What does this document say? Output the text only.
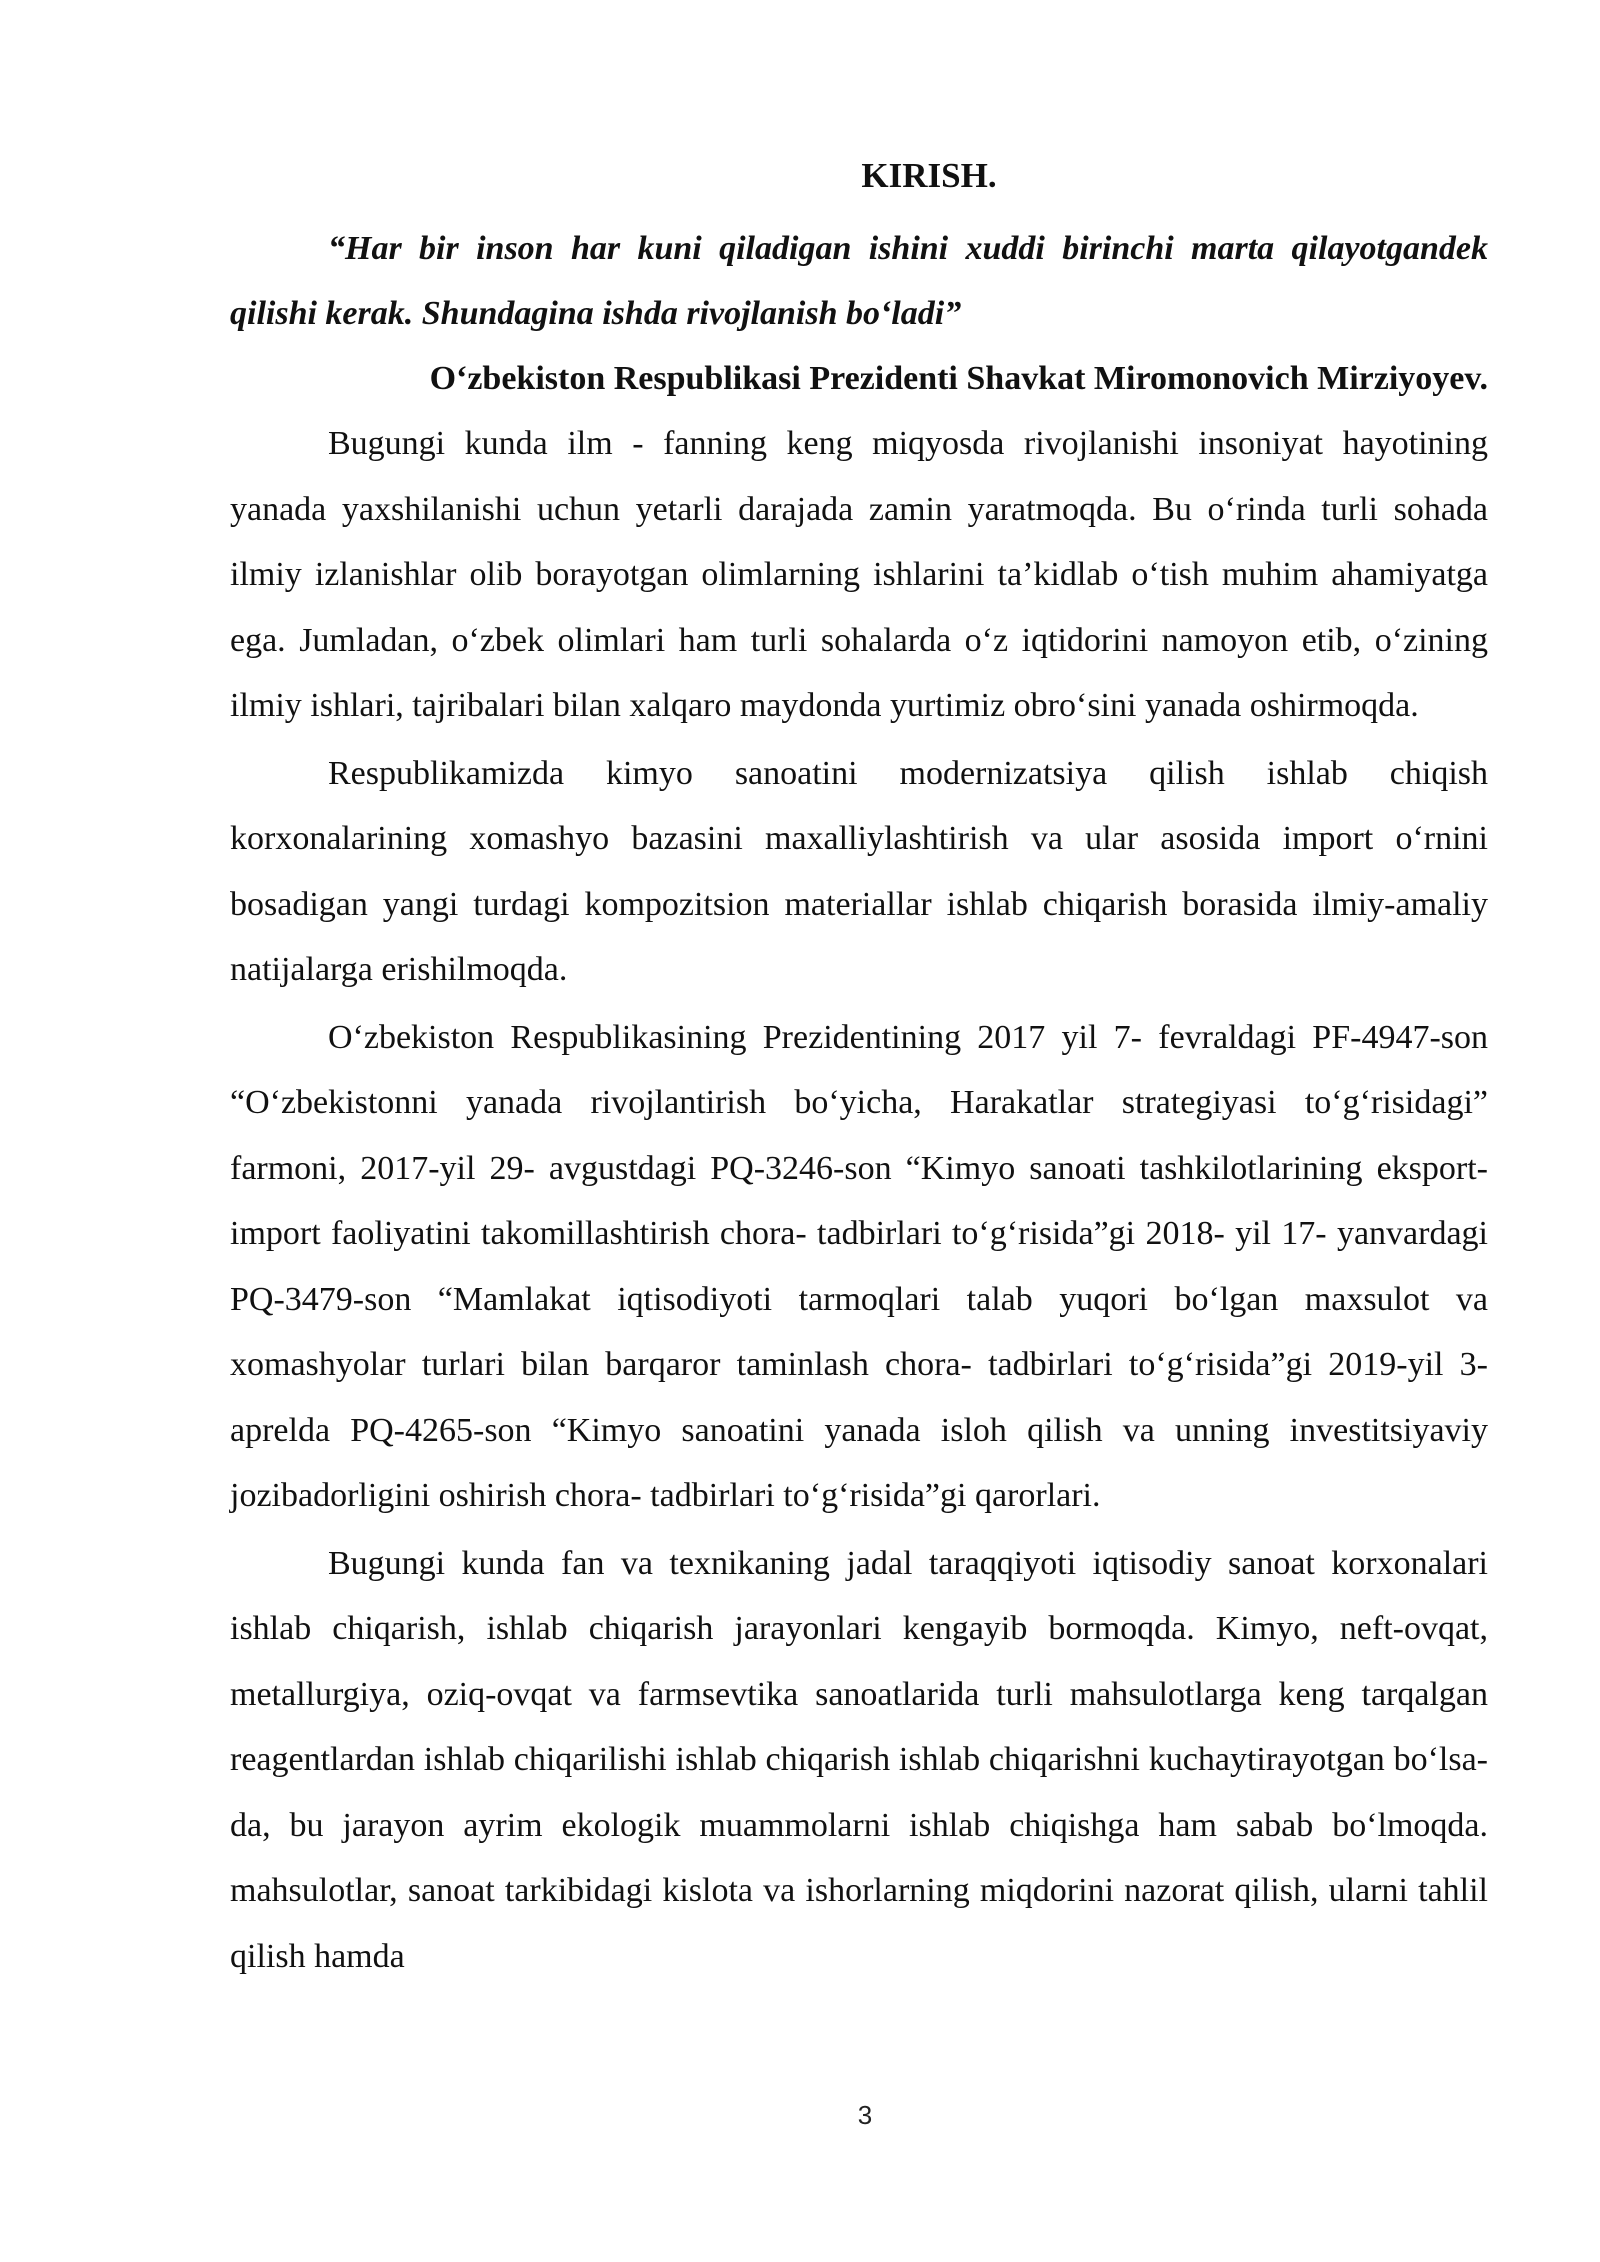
KIRISH.

“Har bir inson har kuni qiladigan ishini xuddi birinchi marta qilayotgandek qilishi kerak. Shundagina ishda rivojlanish bo‘ladi”

O‘zbekiston Respublikasi Prezidenti Shavkat Miromonovich Mirziyoyev.

Bugungi kunda ilm - fanning keng miqyosda rivojlanishi insoniyat hayotining yanada yaxshilanishi uchun yetarli darajada zamin yaratmoqda. Bu o‘rinda turli sohada ilmiy izlanishlar olib borayotgan olimlarning ishlarini ta’kidlab o‘tish muhim ahamiyatga ega. Jumladan, o‘zbek olimlari ham turli sohalarda o‘z iqtidorini namoyon etib, o‘zining ilmiy ishlari, tajribalari bilan xalqaro maydonda yurtimiz obro‘sini yanada oshirmoqda.

Respublikamizda kimyo sanoatini modernizatsiya qilish ishlab chiqish korxonalarining xomashyo bazasini maxalliylashtirish va ular asosida import o‘rnini bosadigan yangi turdagi kompozitsion materiallar ishlab chiqarish borasida ilmiy-amaliy natijalarga erishilmoqda.

O‘zbekiston Respublikasining Prezidentining 2017 yil 7- fevraldagi PF-4947-son “O‘zbekistonni yanada rivojlantirish bo‘yicha, Harakatlar strategiyasi to‘g‘risidagi” farmoni, 2017-yil 29- avgustdagi PQ-3246-son “Kimyo sanoati tashkilotlarining eksport-import faoliyatini takomillashtirish chora- tadbirlari to‘g‘risida”gi 2018- yil 17- yanvardagi PQ-3479-son “Mamlakat iqtisodiyoti tarmoqlari talab yuqori bo‘lgan maxsulot va xomashyolar turlari bilan barqaror taminlash chora- tadbirlari to‘g‘risida”gi 2019-yil 3-aprelda PQ-4265-son “Kimyo sanoatini yanada isloh qilish va unning investitsiyaviy jozibadorligini oshirish chora- tadbirlari to‘g‘risida”gi qarorlari.

Bugungi kunda fan va texnikaning jadal taraqqiyoti iqtisodiy sanoat korxonalari ishlab chiqarish, ishlab chiqarish jarayonlari kengayib bormoqda. Kimyo, neft-ovqat, metallurgiya, oziq-ovqat va farmsevtika sanoatlarida turli mahsulotlarga keng tarqalgan reagentlardan ishlab chiqarilishi ishlab chiqarish ishlab chiqarishni kuchaytirayotgan bo‘lsa-da, bu jarayon ayrim ekologik muammolarni ishlab chiqishga ham sabab bo‘lmoqda. mahsulotlar, sanoat tarkibidagi kislota va ishorlarning miqdorini nazorat qilish, ularni tahlil qilish hamda

3
